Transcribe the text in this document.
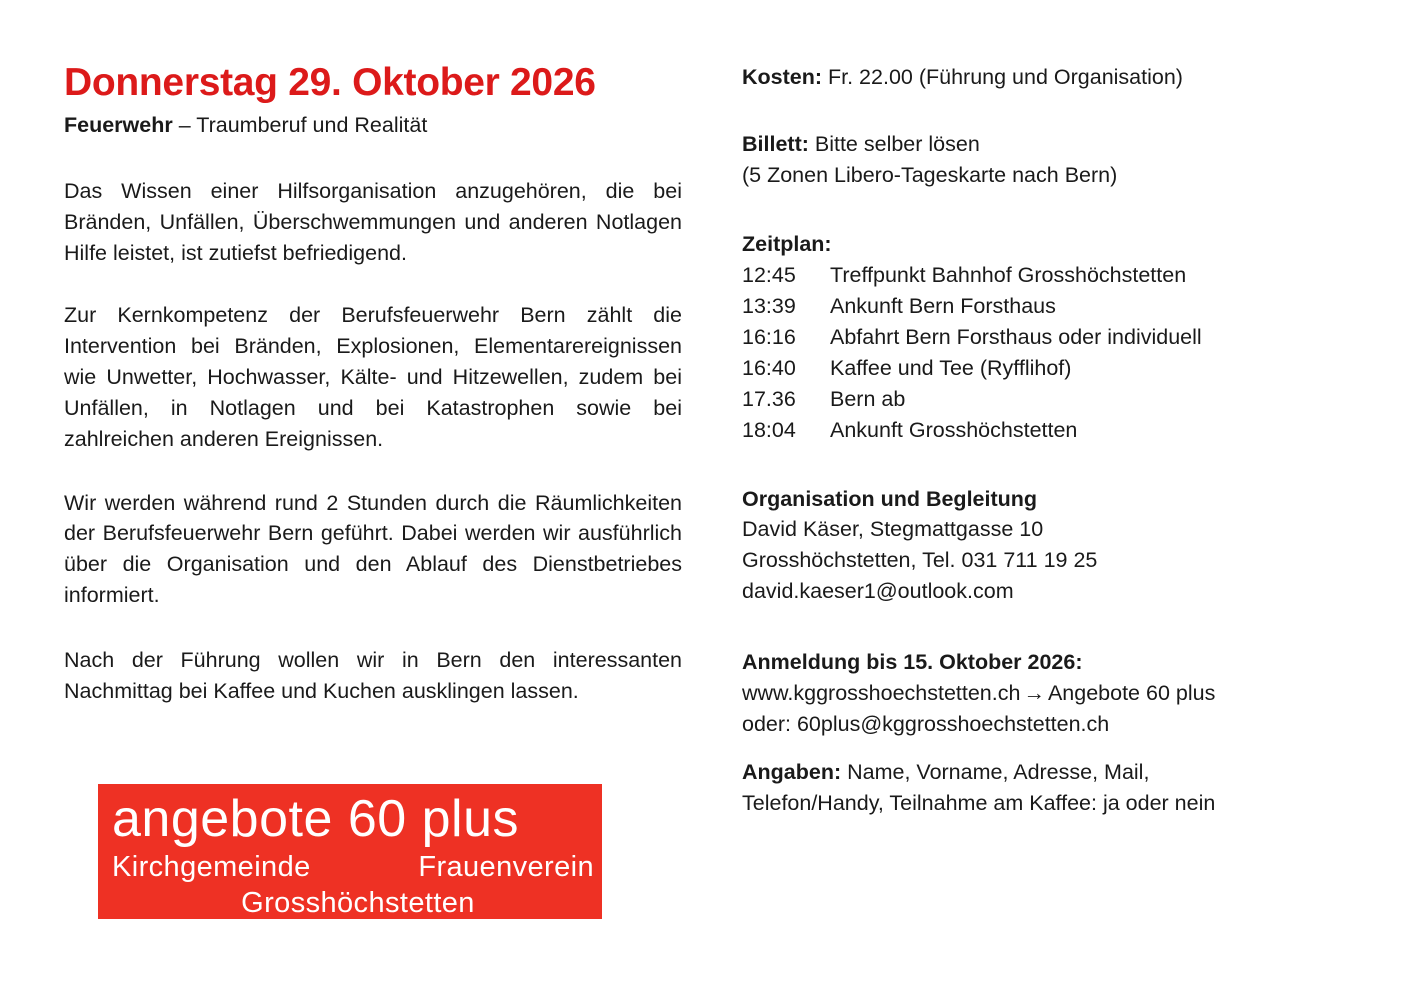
Donnerstag 29. Oktober 2026
Feuerwehr – Traumberuf und Realität

Das Wissen einer Hilfsorganisation anzugehören, die bei Bränden, Unfällen, Überschwemmungen und anderen Notlagen Hilfe leistet, ist zutiefst befriedigend.

Zur Kernkompetenz der Berufsfeuerwehr Bern zählt die Intervention bei Bränden, Explosionen, Elementarereignissen wie Unwetter, Hochwasser, Kälte- und Hitzewellen, zudem bei Unfällen, in Notlagen und bei Katastrophen sowie bei zahlreichen anderen Ereignissen.

Wir werden während rund 2 Stunden durch die Räumlichkeiten der Berufsfeuerwehr Bern geführt. Dabei werden wir ausführlich über die Organisation und den Ablauf des Dienstbetriebes informiert.

Nach der Führung wollen wir in Bern den interessanten Nachmittag bei Kaffee und Kuchen ausklingen lassen.

angebote 60 plus
Kirchgemeinde	Frauenverein
Grosshöchstetten

Kosten: Fr. 22.00 (Führung und Organisation)

Billett: Bitte selber lösen

(5 Zonen Libero-Tageskarte nach Bern)

Zeitplan:

12:45	Treffpunkt Bahnhof Grosshöchstetten
13:39	Ankunft Bern Forsthaus
16:16	Abfahrt Bern Forsthaus oder individuell
16:40	Kaffee und Tee (Ryfflihof)
17.36	Bern ab
18:04	Ankunft Grosshöchstetten

Organisation und Begleitung

David Käser, Stegmattgasse 10

Grosshöchstetten, Tel. 031 711 19 25

david.kaeser1@outlook.com

Anmeldung bis 15. Oktober 2026:

www.kggrosshoechstetten.ch → Angebote 60 plus

oder: 60plus@kggrosshoechstetten.ch

Angaben: Name, Vorname, Adresse, Mail,

Telefon/Handy, Teilnahme am Kaffee: ja oder nein
